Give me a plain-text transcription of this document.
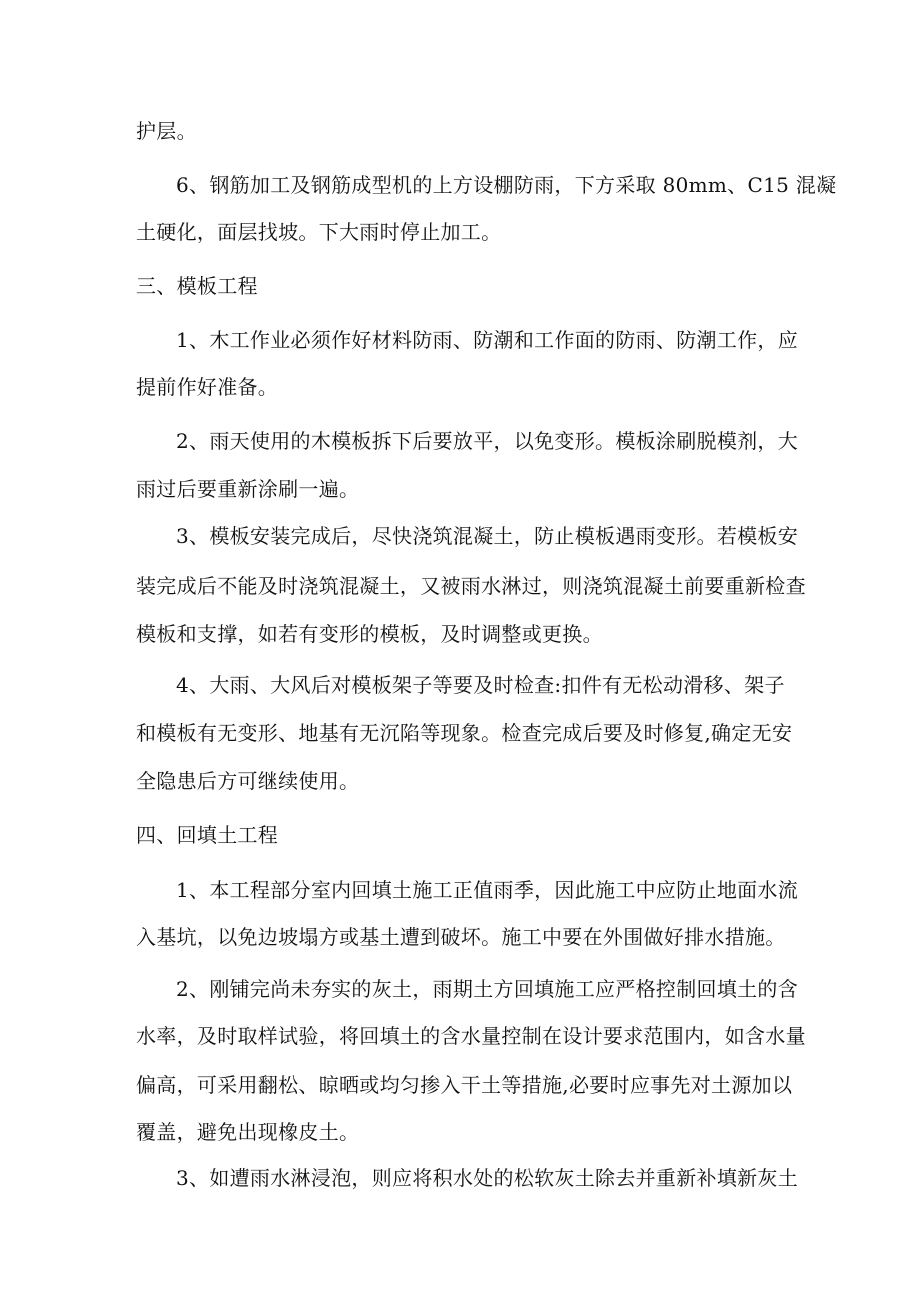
护层。
6、钢筋加工及钢筋成型机的上方设棚防雨，下方采取 80mm、C15 混凝
土硬化，面层找坡。下大雨时停止加工。
三、模板工程
1、木工作业必须作好材料防雨、防潮和工作面的防雨、防潮工作，应
提前作好准备。
2、雨天使用的木模板拆下后要放平，以免变形。模板涂刷脱模剂，大
雨过后要重新涂刷一遍。
3、模板安装完成后，尽快浇筑混凝土，防止模板遇雨变形。若模板安
装完成后不能及时浇筑混凝土，又被雨水淋过，则浇筑混凝土前要重新检查
模板和支撑，如若有变形的模板，及时调整或更换。
4、大雨、大风后对模板架子等要及时检查:扣件有无松动滑移、架子
和模板有无变形、地基有无沉陷等现象。检查完成后要及时修复,确定无安
全隐患后方可继续使用。
四、回填土工程
1、本工程部分室内回填土施工正值雨季，因此施工中应防止地面水流
入基坑，以免边坡塌方或基土遭到破坏。施工中要在外围做好排水措施。
2、刚铺完尚未夯实的灰土，雨期土方回填施工应严格控制回填土的含
水率，及时取样试验，将回填土的含水量控制在设计要求范围内，如含水量
偏高，可采用翻松、晾晒或均匀掺入干土等措施,必要时应事先对土源加以
覆盖，避免出现橡皮土。
3、如遭雨水淋浸泡，则应将积水处的松软灰土除去并重新补填新灰土
